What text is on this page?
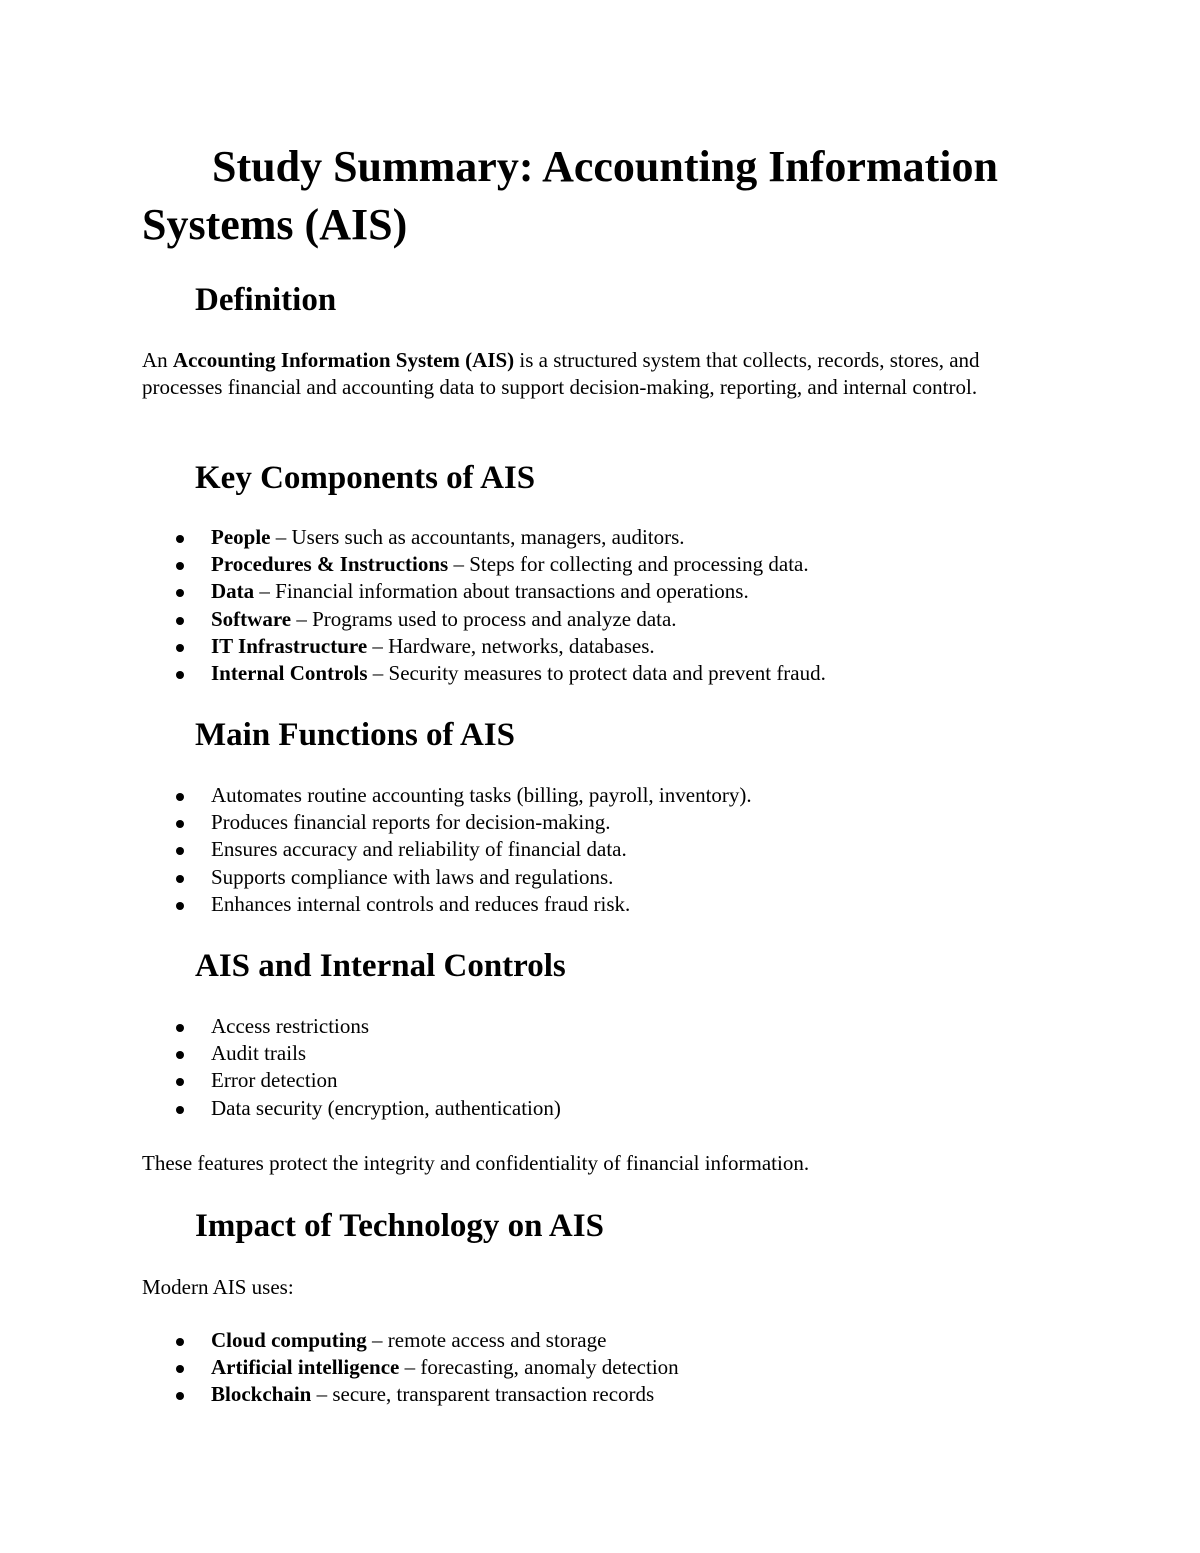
Study Summary: Accounting Information Systems (AIS)
Definition

An Accounting Information System (AIS) is a structured system that collects, records, stores, and processes financial and accounting data to support decision-making, reporting, and internal control.

Key Components of AIS
People – Users such as accountants, managers, auditors.
Procedures & Instructions – Steps for collecting and processing data.
Data – Financial information about transactions and operations.
Software – Programs used to process and analyze data.
IT Infrastructure – Hardware, networks, databases.
Internal Controls – Security measures to protect data and prevent fraud.
Main Functions of AIS
Automates routine accounting tasks (billing, payroll, inventory).
Produces financial reports for decision-making.
Ensures accuracy and reliability of financial data.
Supports compliance with laws and regulations.
Enhances internal controls and reduces fraud risk.
AIS and Internal Controls
Access restrictions
Audit trails
Error detection
Data security (encryption, authentication)

These features protect the integrity and confidentiality of financial information.

Impact of Technology on AIS

Modern AIS uses:

Cloud computing – remote access and storage
Artificial intelligence – forecasting, anomaly detection
Blockchain – secure, transparent transaction records
